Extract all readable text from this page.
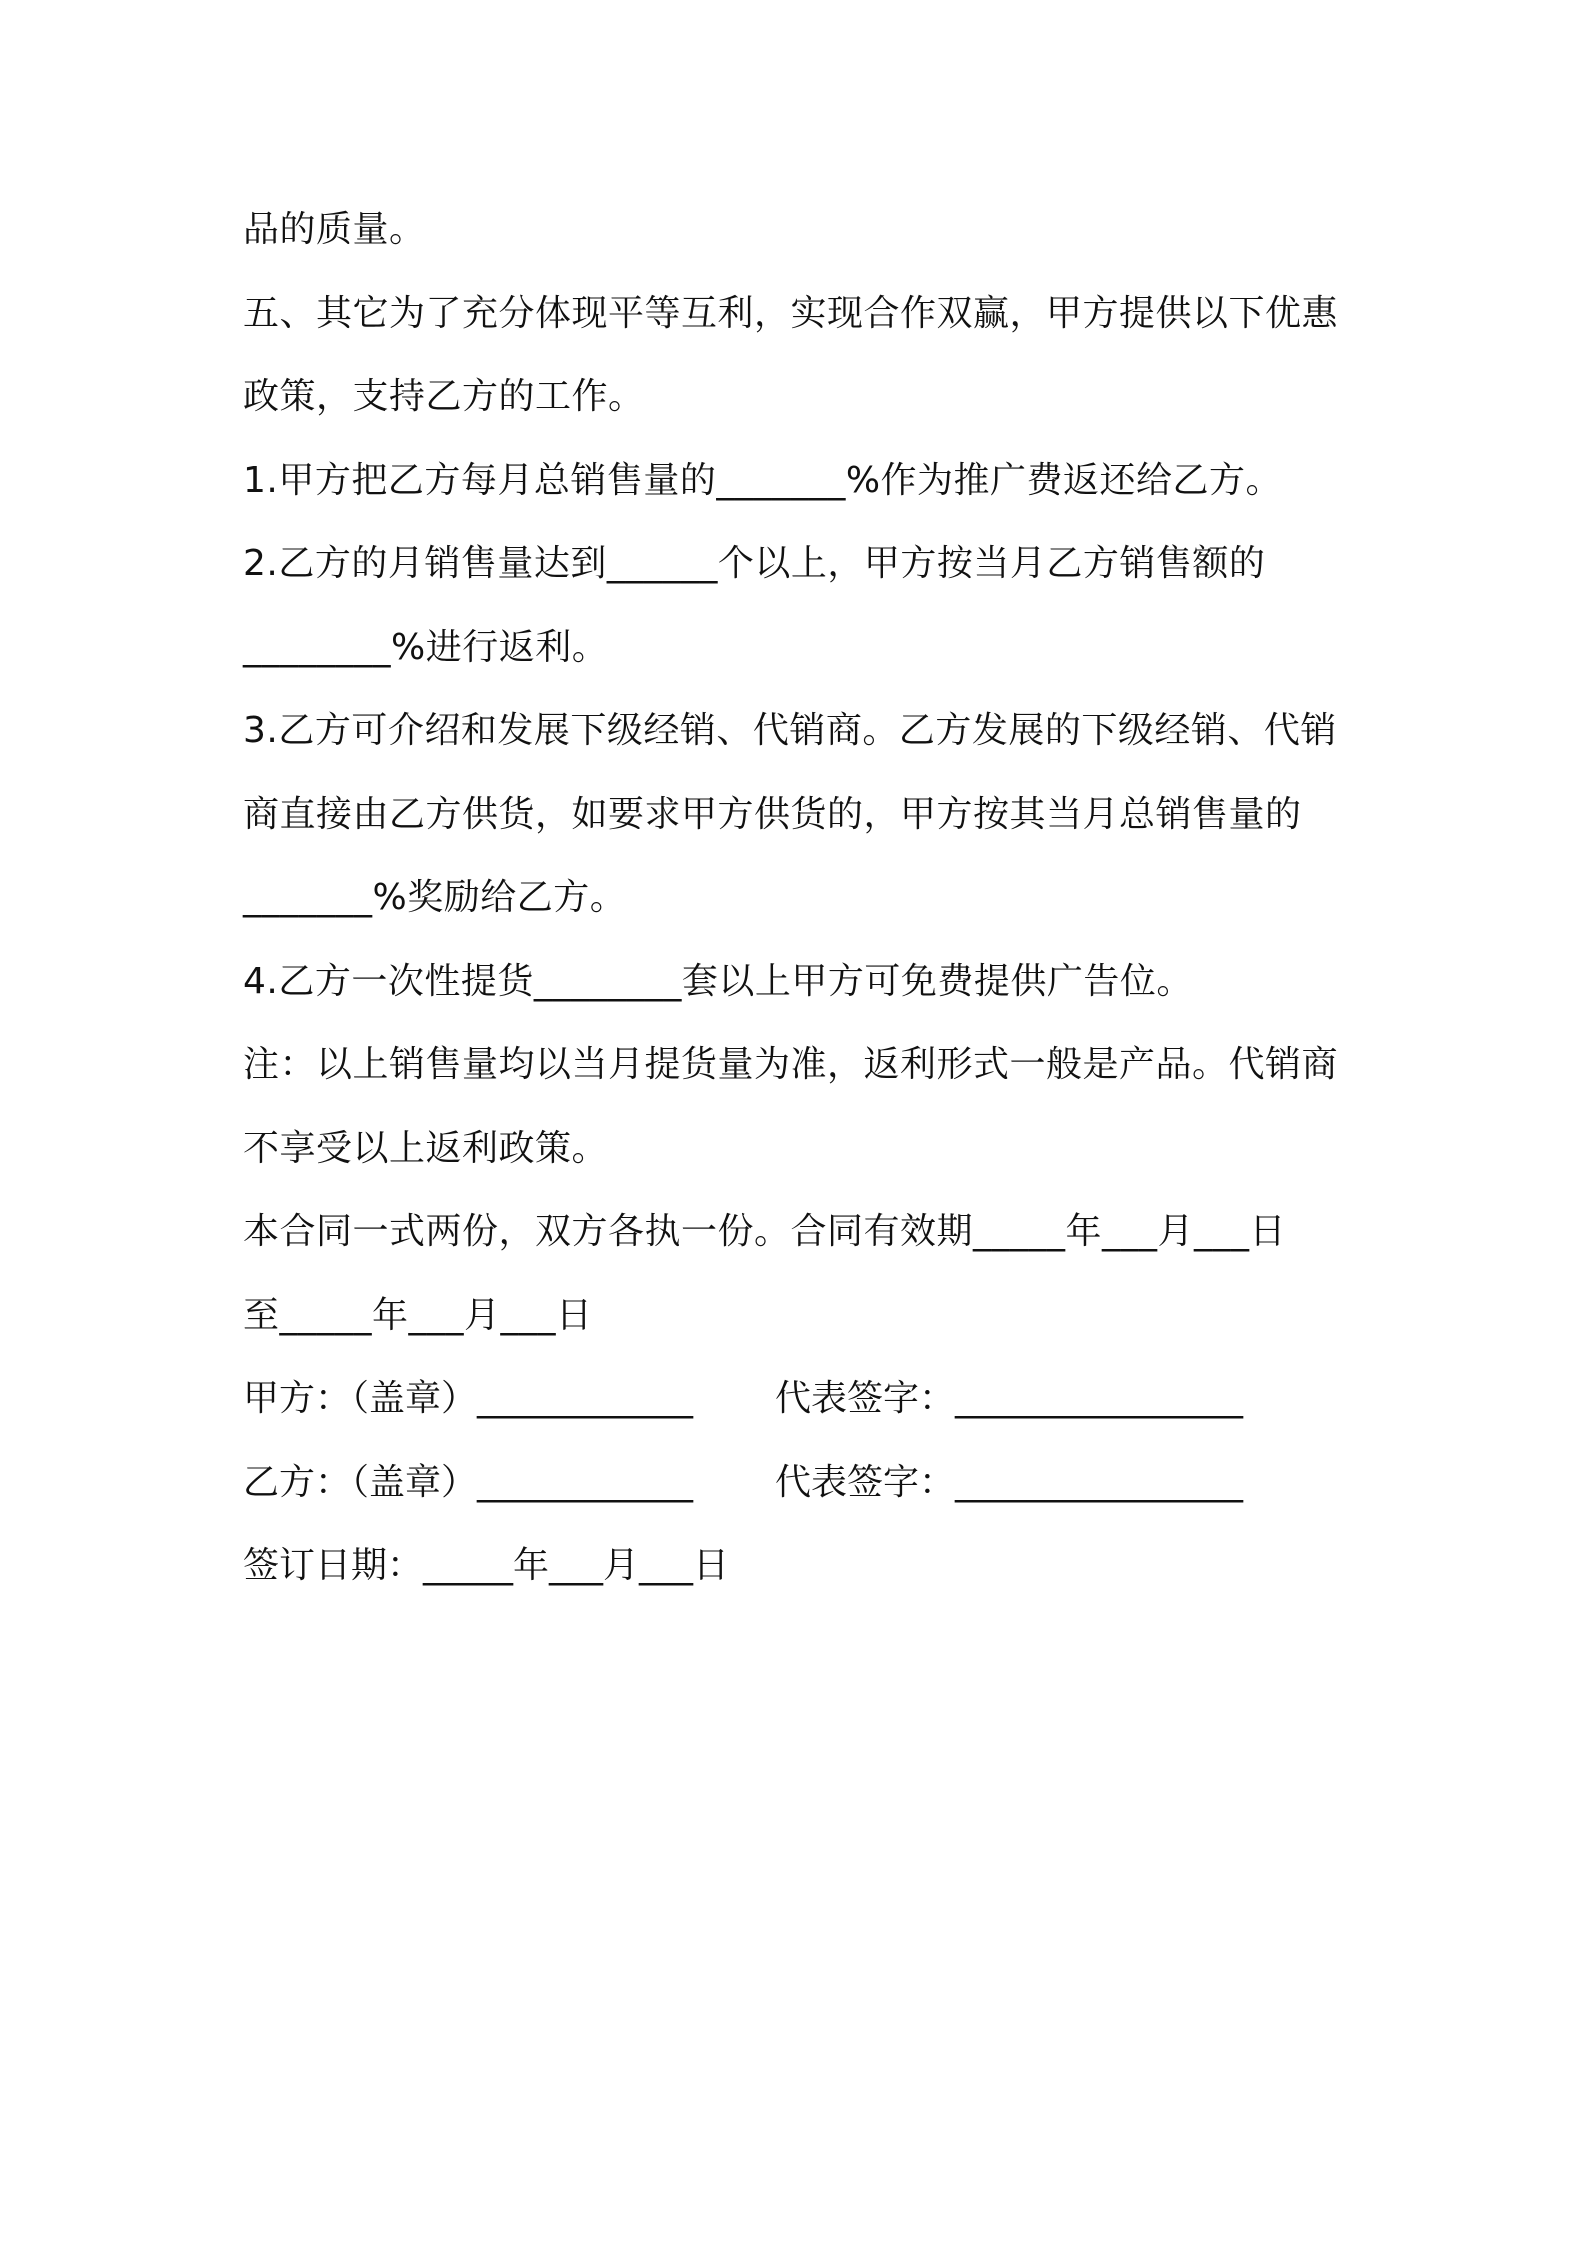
品的质量。
五、其它为了充分体现平等互利，实现合作双赢，甲方提供以下优惠
政策，支持乙方的工作。
1.甲方把乙方每月总销售量的_______%作为推广费返还给乙方。
2.乙方的月销售量达到______个以上，甲方按当月乙方销售额的
________%进行返利。
3.乙方可介绍和发展下级经销、代销商。乙方发展的下级经销、代销
商直接由乙方供货，如要求甲方供货的，甲方按其当月总销售量的
_______%奖励给乙方。
4.乙方一次性提货________套以上甲方可免费提供广告位。
注：以上销售量均以当月提货量为准，返利形式一般是产品。代销商
不享受以上返利政策。
本合同一式两份，双方各执一份。合同有效期_____年___月___日
至_____年___月___日
甲方：（盖章）____________ 代表签字：________________
乙方：（盖章）____________ 代表签字：________________
签订日期：_____年___月___日
